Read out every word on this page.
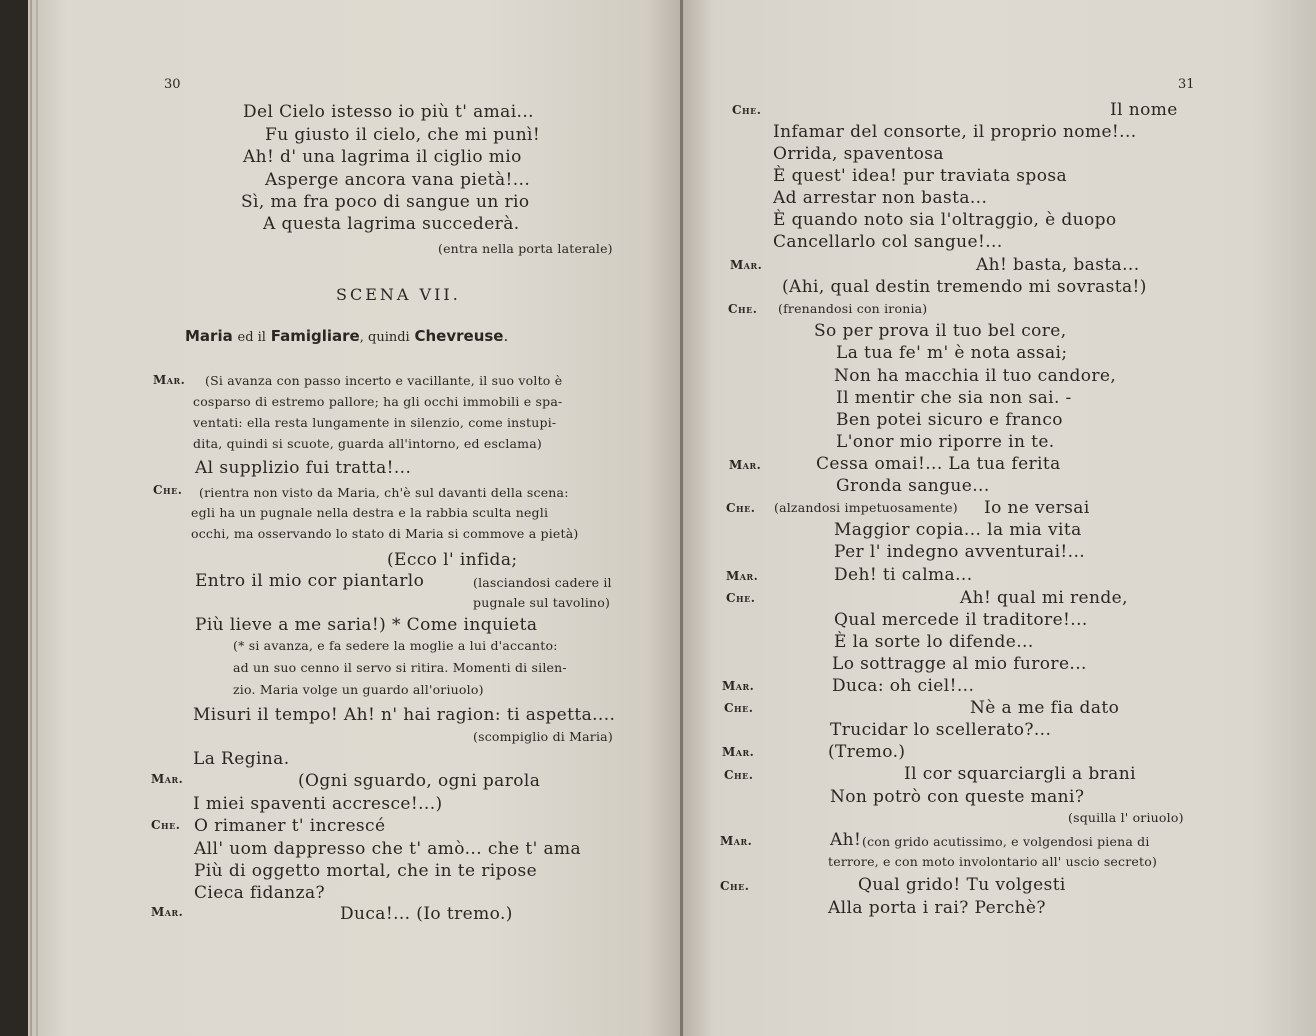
30
Del Cielo istesso io più t' amai...
Fu giusto il cielo, che mi punì!
Ah! d' una lagrima il ciglio mio
Asperge ancora vana pietà!...
Sì, ma fra poco di sangue un rio
A questa lagrima succederà.
(entra nella porta laterale)
SCENA VII.
Maria ed il Famigliare, quindi Chevreuse.
Mar. (Si avanza con passo incerto e vacillante, il suo volto è
cosparso di estremo pallore; ha gli occhi immobili e spa-
ventati: ella resta lungamente in silenzio, come instupi-
dita, quindi si scuote, guarda all'intorno, ed esclama)
Al supplizio fui tratta!...
Che. (rientra non visto da Maria, ch'è sul davanti della scena:
egli ha un pugnale nella destra e la rabbia sculta negli
occhi, ma osservando lo stato di Maria si commove a pietà)
(Ecco l' infida;
Entro il mio cor piantarlo	(lasciandosi cadere il
pugnale sul tavolino)
Più lieve a me saria!) * Come inquieta
(* si avanza, e fa sedere la moglie a lui d'accanto:
ad un suo cenno il servo si ritira. Momenti di silen-
zio. Maria volge un guardo all'oriuolo)
Misuri il tempo! Ah! n' hai ragion: ti aspetta....
(scompiglio di Maria)
La Regina.
Mar.	(Ogni sguardo, ogni parola
I miei spaventi accresce!...)
Che. O rimaner t' increscé
All' uom dappresso che t' amò... che t' ama
Più di oggetto mortal, che in te ripose
Cieca fidanza?
Mar.	Duca!... (Io tremo.)
31
Che.	Il nome
Infamar del consorte, il proprio nome!...
Orrida, spaventosa
È quest' idea! pur traviata sposa
Ad arrestar non basta...
È quando noto sia l'oltraggio, è duopo
Cancellarlo col sangue!...
Mar.	Ah! basta, basta...
(Ahi, qual destin tremendo mi sovrasta!)
Che. (frenandosi con ironia)
So per prova il tuo bel core,
La tua fe' m' è nota assai;
Non ha macchia il tuo candore,
Il mentir che sia non sai. -
Ben potei sicuro e franco
L'onor mio riporre in te.
Mar.	Cessa omai!... La tua ferita
Gronda sangue...
Che. (alzandosi impetuosamente) Io ne versai
Maggior copia... la mia vita
Per l' indegno avventurai!...
Mar.	Deh! ti calma...
Che.	Ah! qual mi rende,
Qual mercede il traditore!...
È la sorte lo difende...
Lo sottragge al mio furore...
Mar.	Duca: oh ciel!...
Che.	Nè a me fia dato
Trucidar lo scellerato?...
Mar.	(Tremo.)
Che.	Il cor squarciargli a brani
Non potrò con queste mani?
(squilla l' oriuolo)
Mar.	Ah! (con grido acutissimo, e volgendosi piena di
terrore, e con moto involontario all' uscio secreto)
Che.	Qual grido! Tu volgesti
Alla porta i rai? Perchè?
